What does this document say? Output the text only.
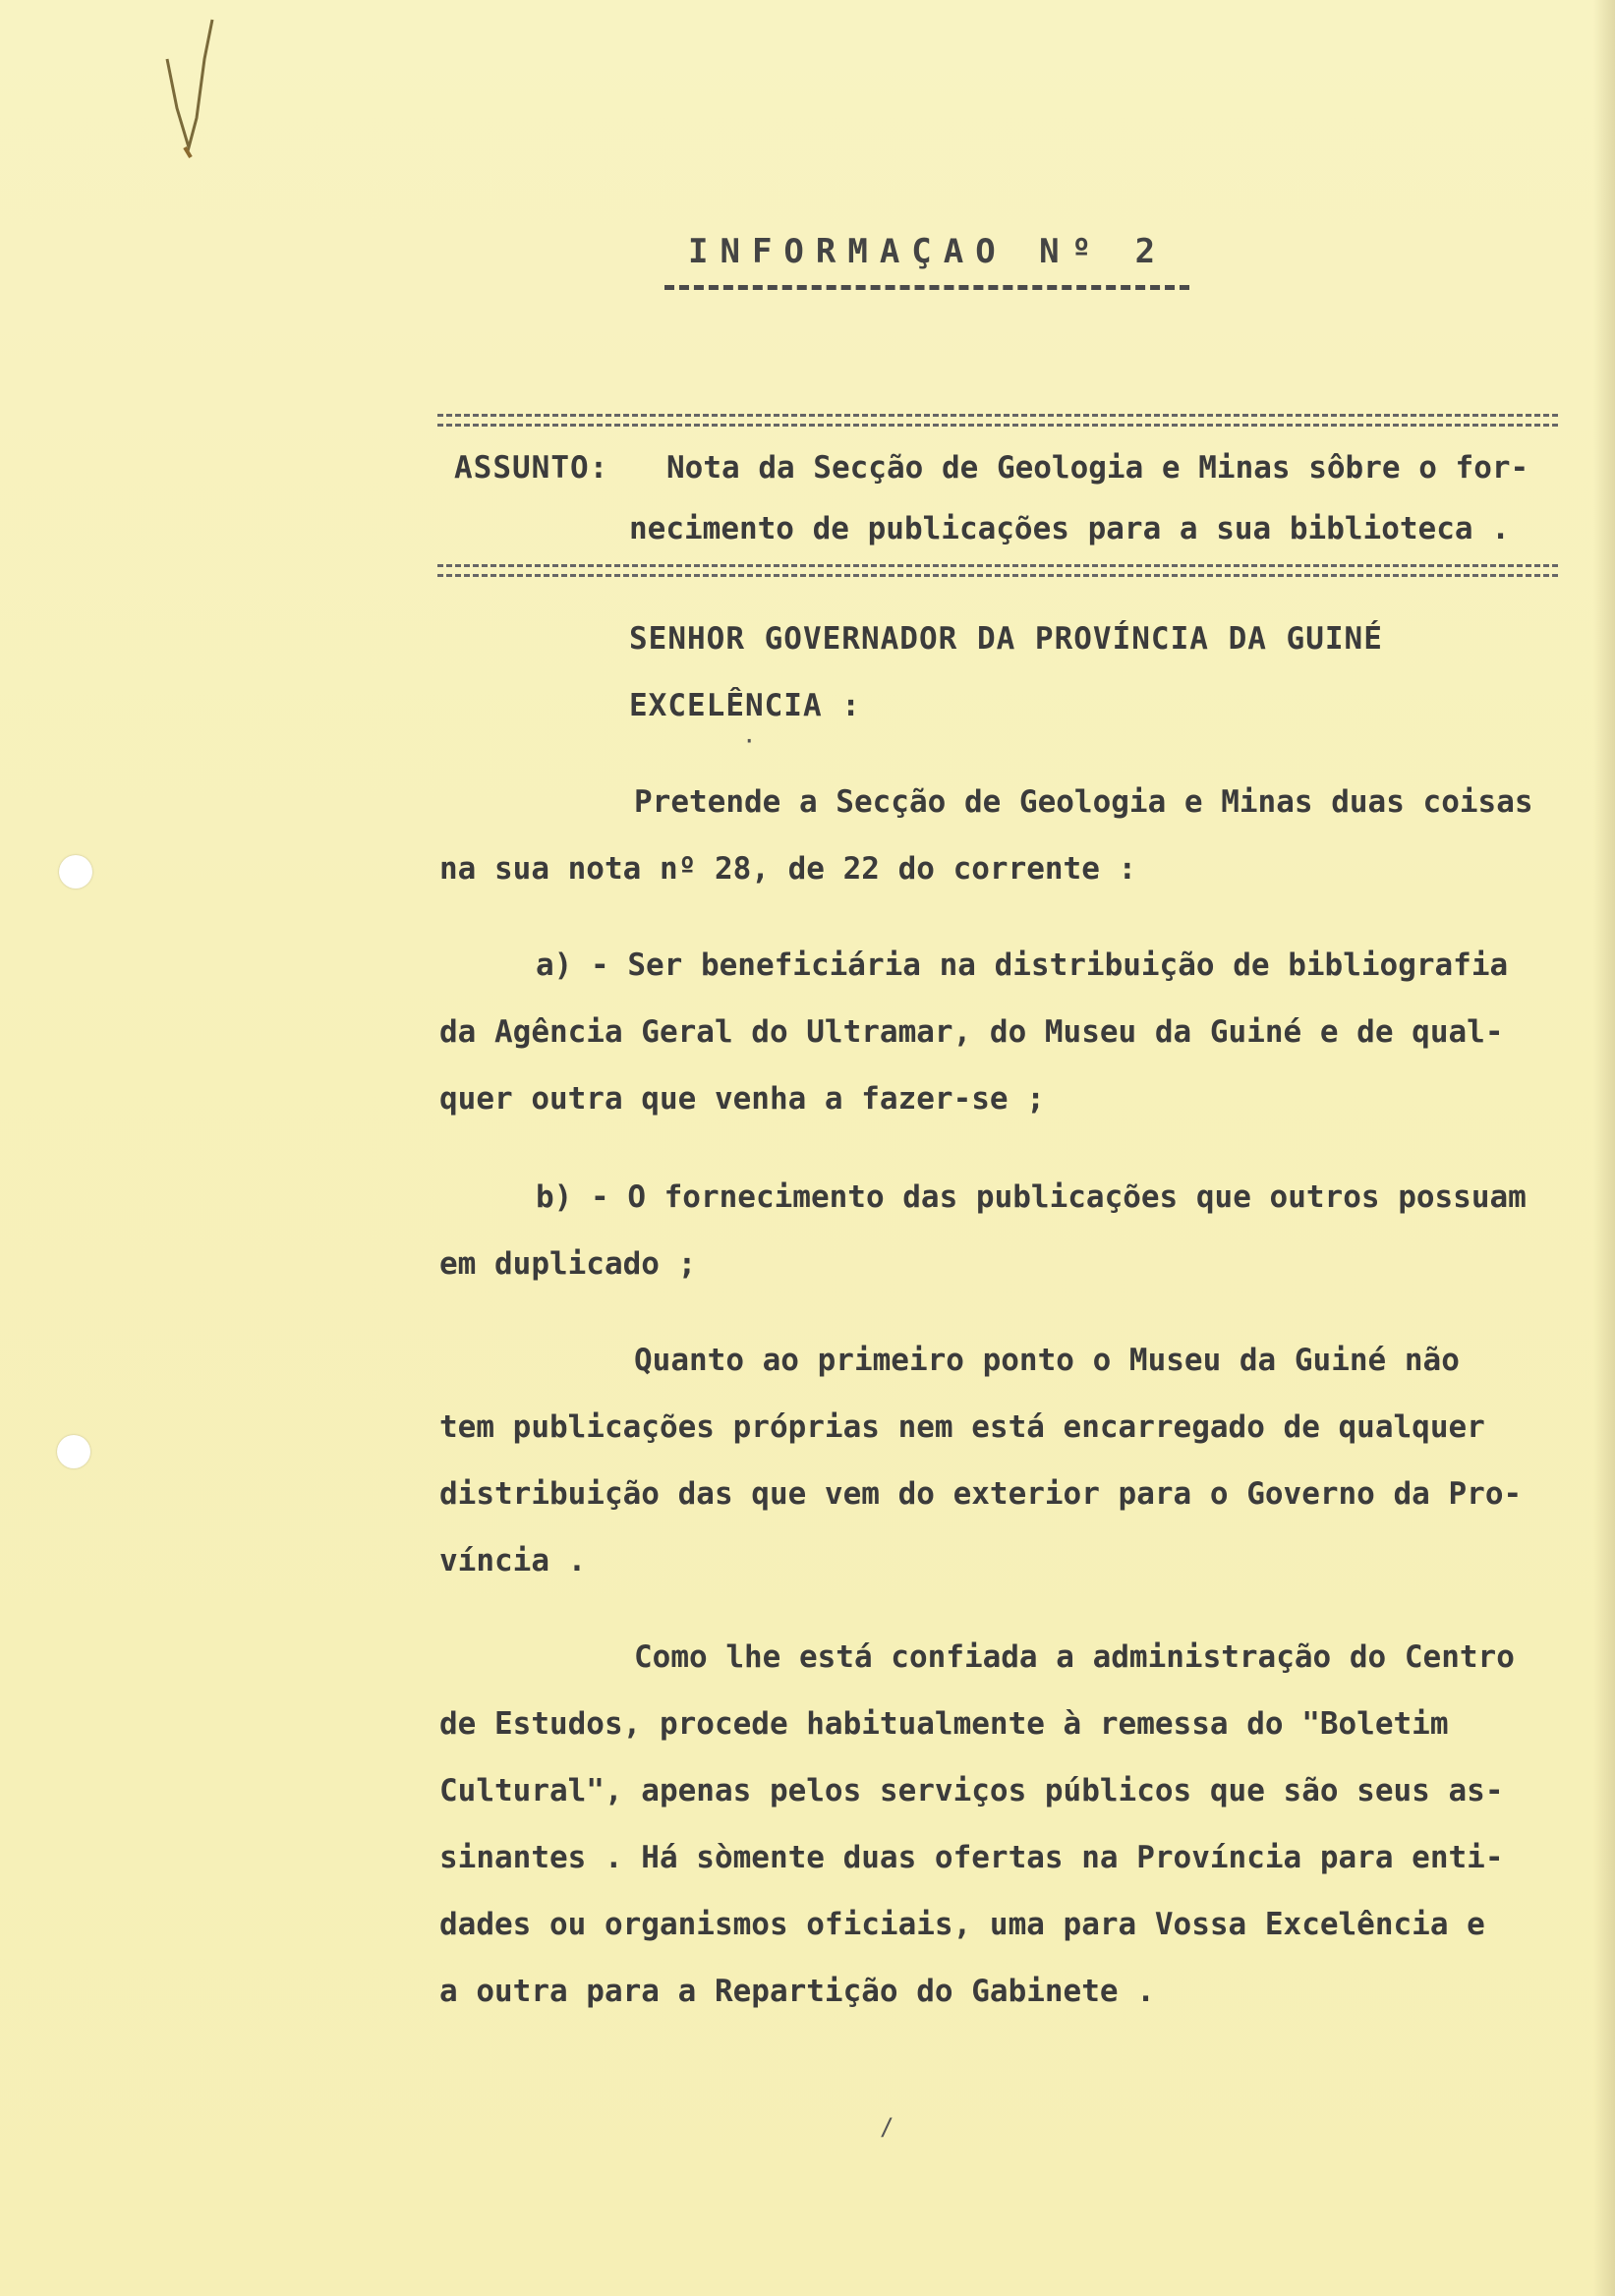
INFORMAÇAO Nº 2
ASSUNTO: Nota da Secção de Geologia e Minas sôbre o for-
necimento de publicações para a sua biblioteca .
SENHOR GOVERNADOR DA PROVÍNCIA DA GUINÉ
EXCELÊNCIA :
·
Pretende a Secção de Geologia e Minas duas coisas
na sua nota nº 28, de 22 do corrente :
a) - Ser beneficiária na distribuição de bibliografia
da Agência Geral do Ultramar, do Museu da Guiné e de qual-
quer outra que venha a fazer-se ;
b) - O fornecimento das publicações que outros possuam
em duplicado ;
Quanto ao primeiro ponto o Museu da Guiné não
tem publicações próprias nem está encarregado de qualquer
distribuição das que vem do exterior para o Governo da Pro-
víncia .
Como lhe está confiada a administração do Centro
de Estudos, procede habitualmente à remessa do "Boletim
Cultural", apenas pelos serviços públicos que são seus as-
sinantes . Há sòmente duas ofertas na Província para enti-
dades ou organismos oficiais, uma para Vossa Excelência e
a outra para a Repartição do Gabinete .
/
